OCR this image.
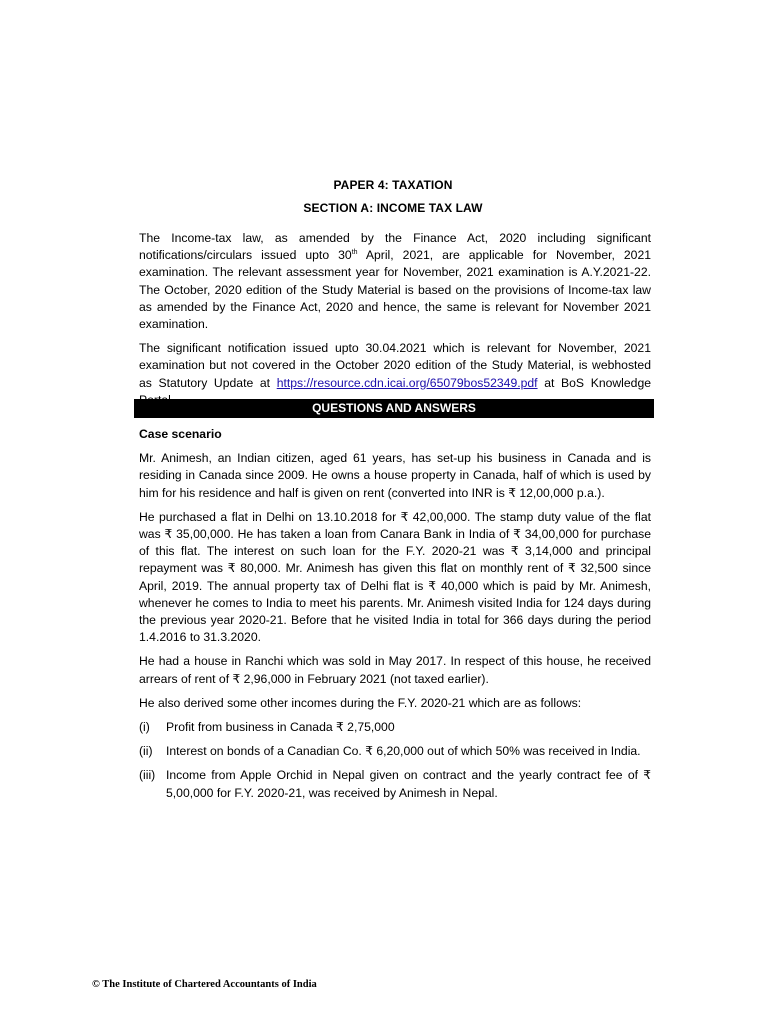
PAPER 4: TAXATION
SECTION A: INCOME TAX LAW

The Income-tax law, as amended by the Finance Act, 2020 including significant notifications/circulars issued upto 30th April, 2021, are applicable for November, 2021 examination. The relevant assessment year for November, 2021 examination is A.Y.2021-22. The October, 2020 edition of the Study Material is based on the provisions of Income-tax law as amended by the Finance Act, 2020 and hence, the same is relevant for November 2021 examination.

The significant notification issued upto 30.04.2021 which is relevant for November, 2021 examination but not covered in the October 2020 edition of the Study Material, is webhosted as Statutory Update at https://resource.cdn.icai.org/65079bos52349.pdf at BoS Knowledge

QUESTIONS AND ANSWERS

Case scenario

Mr. Animesh, an Indian citizen, aged 61 years, has set-up his business in Canada and is residing in Canada since 2009. He owns a house property in Canada, half of which is used by him for his residence and half is given on rent (converted into INR is ₹ 12,00,000 p.a.).

He purchased a flat in Delhi on 13.10.2018 for ₹ 42,00,000. The stamp duty value of the flat was ₹ 35,00,000. He has taken a loan from Canara Bank in India of ₹ 34,00,000 for purchase of this flat. The interest on such loan for the F.Y. 2020-21 was ₹ 3,14,000 and principal repayment was ₹ 80,000. Mr. Animesh has given this flat on monthly rent of ₹ 32,500 since April, 2019. The annual property tax of Delhi flat is ₹ 40,000 which is paid by Mr. Animesh, whenever he comes to India to meet his parents. Mr. Animesh visited India for 124 days during the previous year 2020-21. Before that he visited India in total for 366 days during the period 1.4.2016 to 31.3.2020.

He had a house in Ranchi which was sold in May 2017. In respect of this house, he received arrears of rent of ₹ 2,96,000 in February 2021 (not taxed earlier).

He also derived some other incomes during the F.Y. 2020-21 which are as follows:

(i) Profit from business in Canada ₹ 2,75,000
(ii) Interest on bonds of a Canadian Co. ₹ 6,20,000 out of which 50% was received in India.
(iii) Income from Apple Orchid in Nepal given on contract and the yearly contract fee of ₹ 5,00,000 for F.Y. 2020-21, was received by Animesh in Nepal.
© The Institute of Chartered Accountants of India
